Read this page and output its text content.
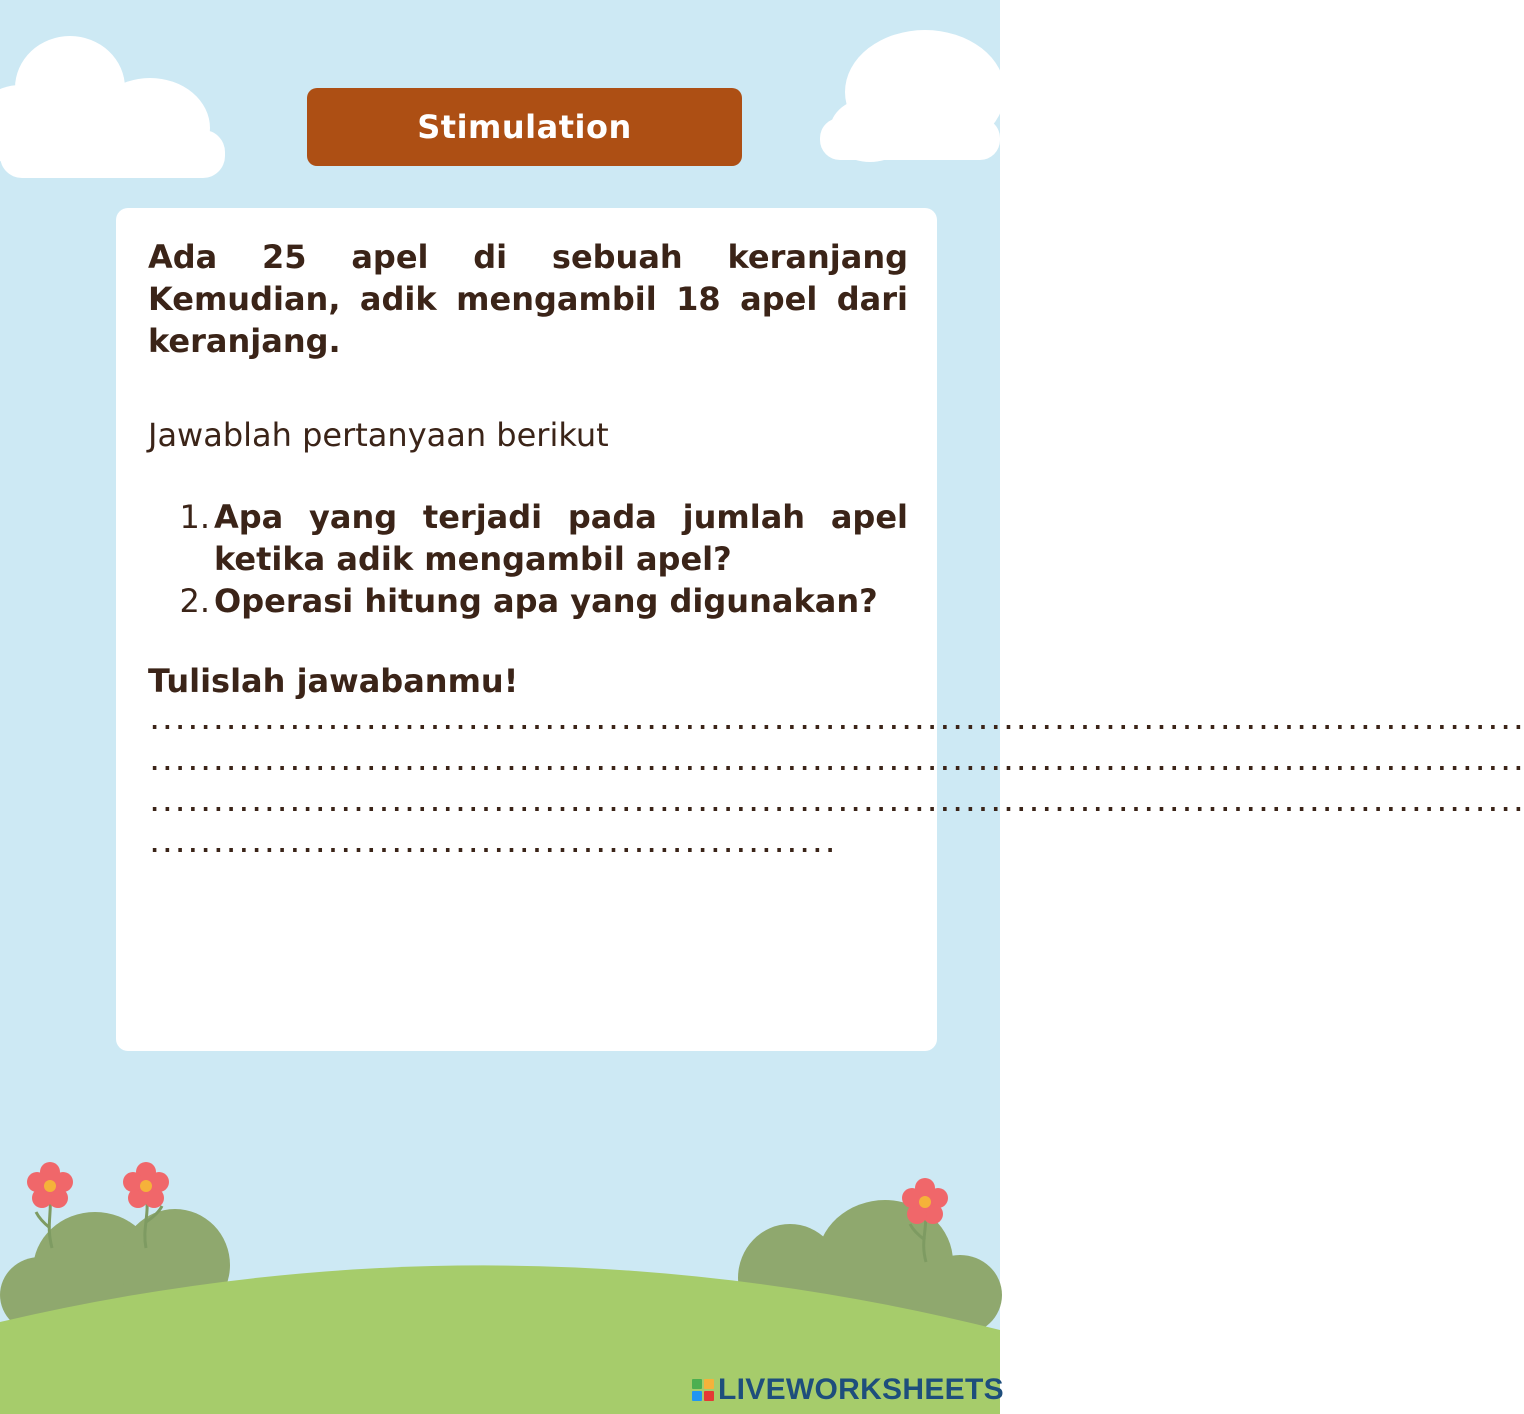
Stimulation

Ada 25 apel di sebuah keranjang Kemudian, adik mengambil 18 apel dari keranjang.

Jawablah pertanyaan berikut

1. Apa yang terjadi pada jumlah apel ketika adik mengambil apel?
2. Operasi hitung apa yang digunakan?

Tulislah jawabanmu!

............................................................................................................
............................................................................................................
............................................................................................................
......................................................
LIVEWORKSHEETS
